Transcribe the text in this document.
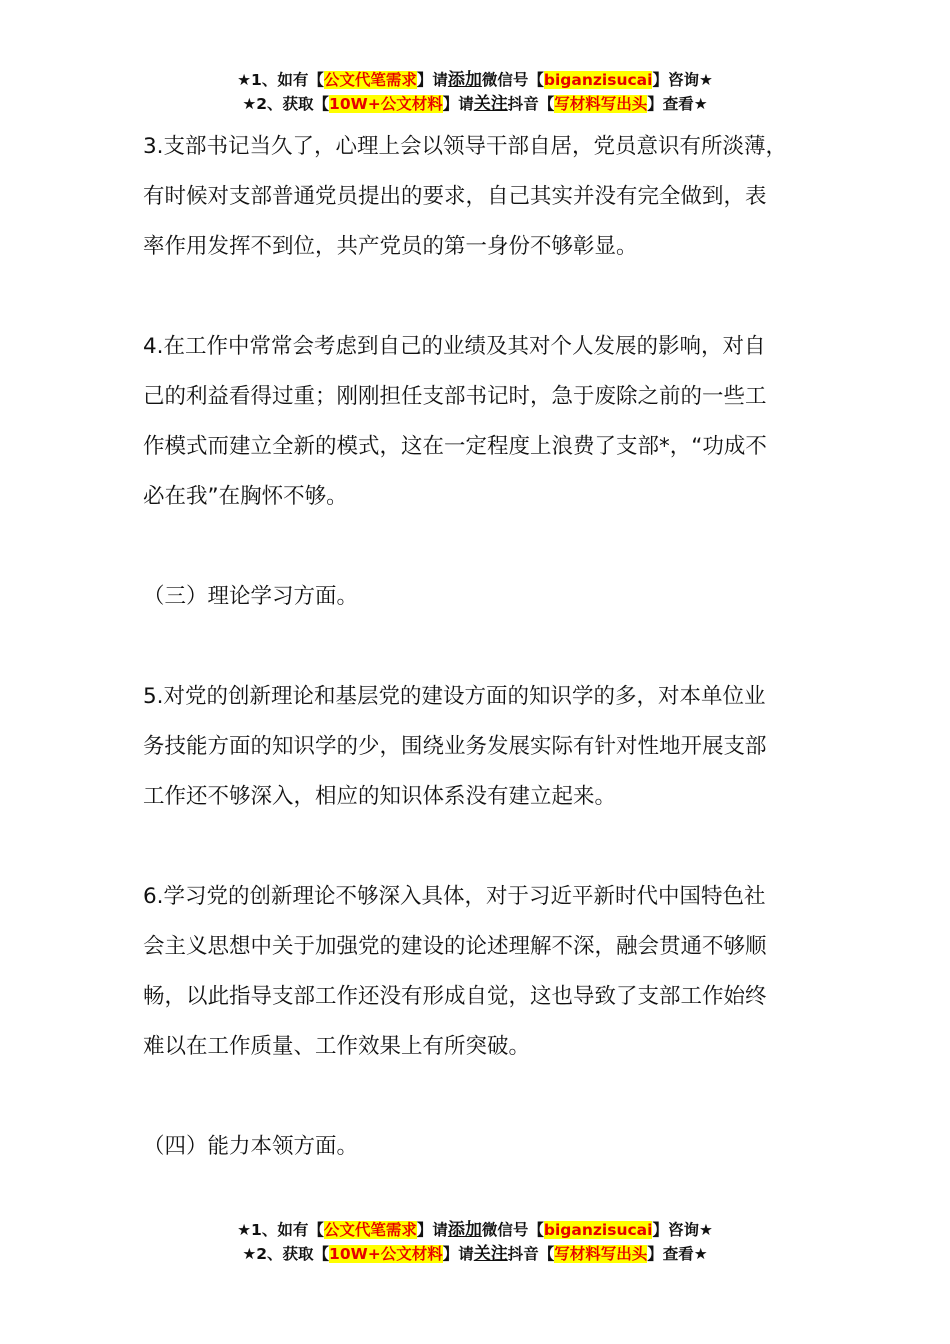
★1、如有【公文代笔需求】请添加微信号【biganzisucai】咨询★
★2、获取【10W+公文材料】请关注抖音【写材料写出头】查看★

3.支部书记当久了，心理上会以领导干部自居，党员意识有所淡薄，
有时候对支部普通党员提出的要求，自己其实并没有完全做到，表
率作用发挥不到位，共产党员的第一身份不够彰显。

4.在工作中常常会考虑到自己的业绩及其对个人发展的影响，对自
己的利益看得过重；刚刚担任支部书记时，急于废除之前的一些工
作模式而建立全新的模式，这在一定程度上浪费了支部*，“功成不
必在我”在胸怀不够。

（三）理论学习方面。

5.对党的创新理论和基层党的建设方面的知识学的多，对本单位业
务技能方面的知识学的少，围绕业务发展实际有针对性地开展支部
工作还不够深入，相应的知识体系没有建立起来。

6.学习党的创新理论不够深入具体，对于习近平新时代中国特色社
会主义思想中关于加强党的建设的论述理解不深，融会贯通不够顺
畅，以此指导支部工作还没有形成自觉，这也导致了支部工作始终
难以在工作质量、工作效果上有所突破。

（四）能力本领方面。

★1、如有【公文代笔需求】请添加微信号【biganzisucai】咨询★
★2、获取【10W+公文材料】请关注抖音【写材料写出头】查看★
